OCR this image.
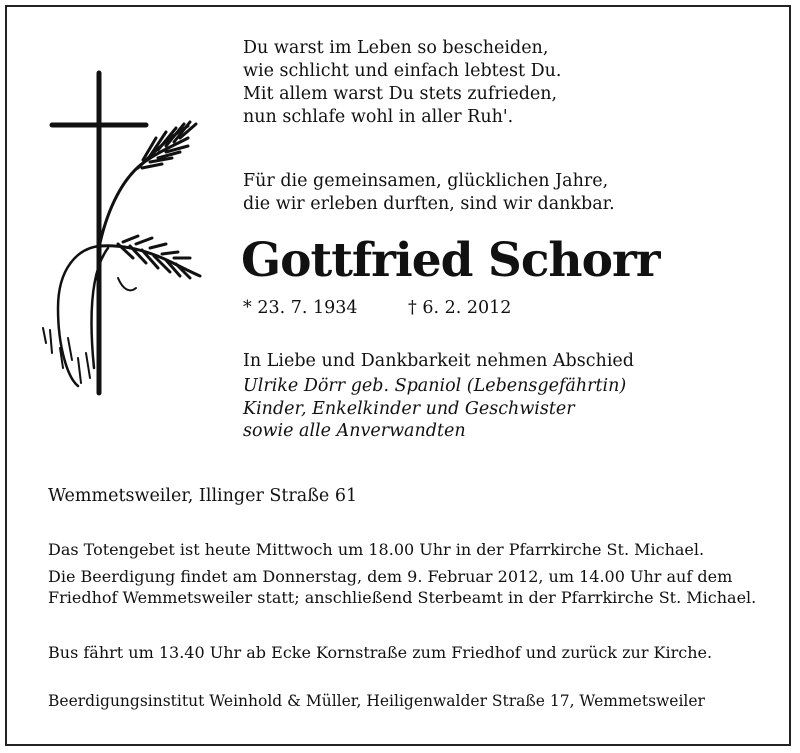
Du warst im Leben so bescheiden,

wie schlicht und einfach lebtest Du.

Mit allem warst Du stets zufrieden,

nun schlafe wohl in aller Ruh'.

Für die gemeinsamen, glücklichen Jahre,

die wir erleben durften, sind wir dankbar.

Gottfried Schorr
* 23. 7. 1934	† 6. 2. 2012
In Liebe und Dankbarkeit nehmen Abschied

Ulrike Dörr geb. Spaniol (Lebensgefährtin)

Kinder, Enkelkinder und Geschwister

sowie alle Anverwandten

Wemmetsweiler, Illinger Straße 61

Das Totengebet ist heute Mittwoch um 18.00 Uhr in der Pfarrkirche St. Michael.

Die Beerdigung findet am Donnerstag, dem 9. Februar 2012, um 14.00 Uhr auf dem Friedhof Wemmetsweiler statt; anschließend Sterbeamt in der Pfarrkirche St. Michael.

Bus fährt um 13.40 Uhr ab Ecke Kornstraße zum Friedhof und zurück zur Kirche.

Beerdigungsinstitut Weinhold & Müller, Heiligenwalder Straße 17, Wemmetsweiler
